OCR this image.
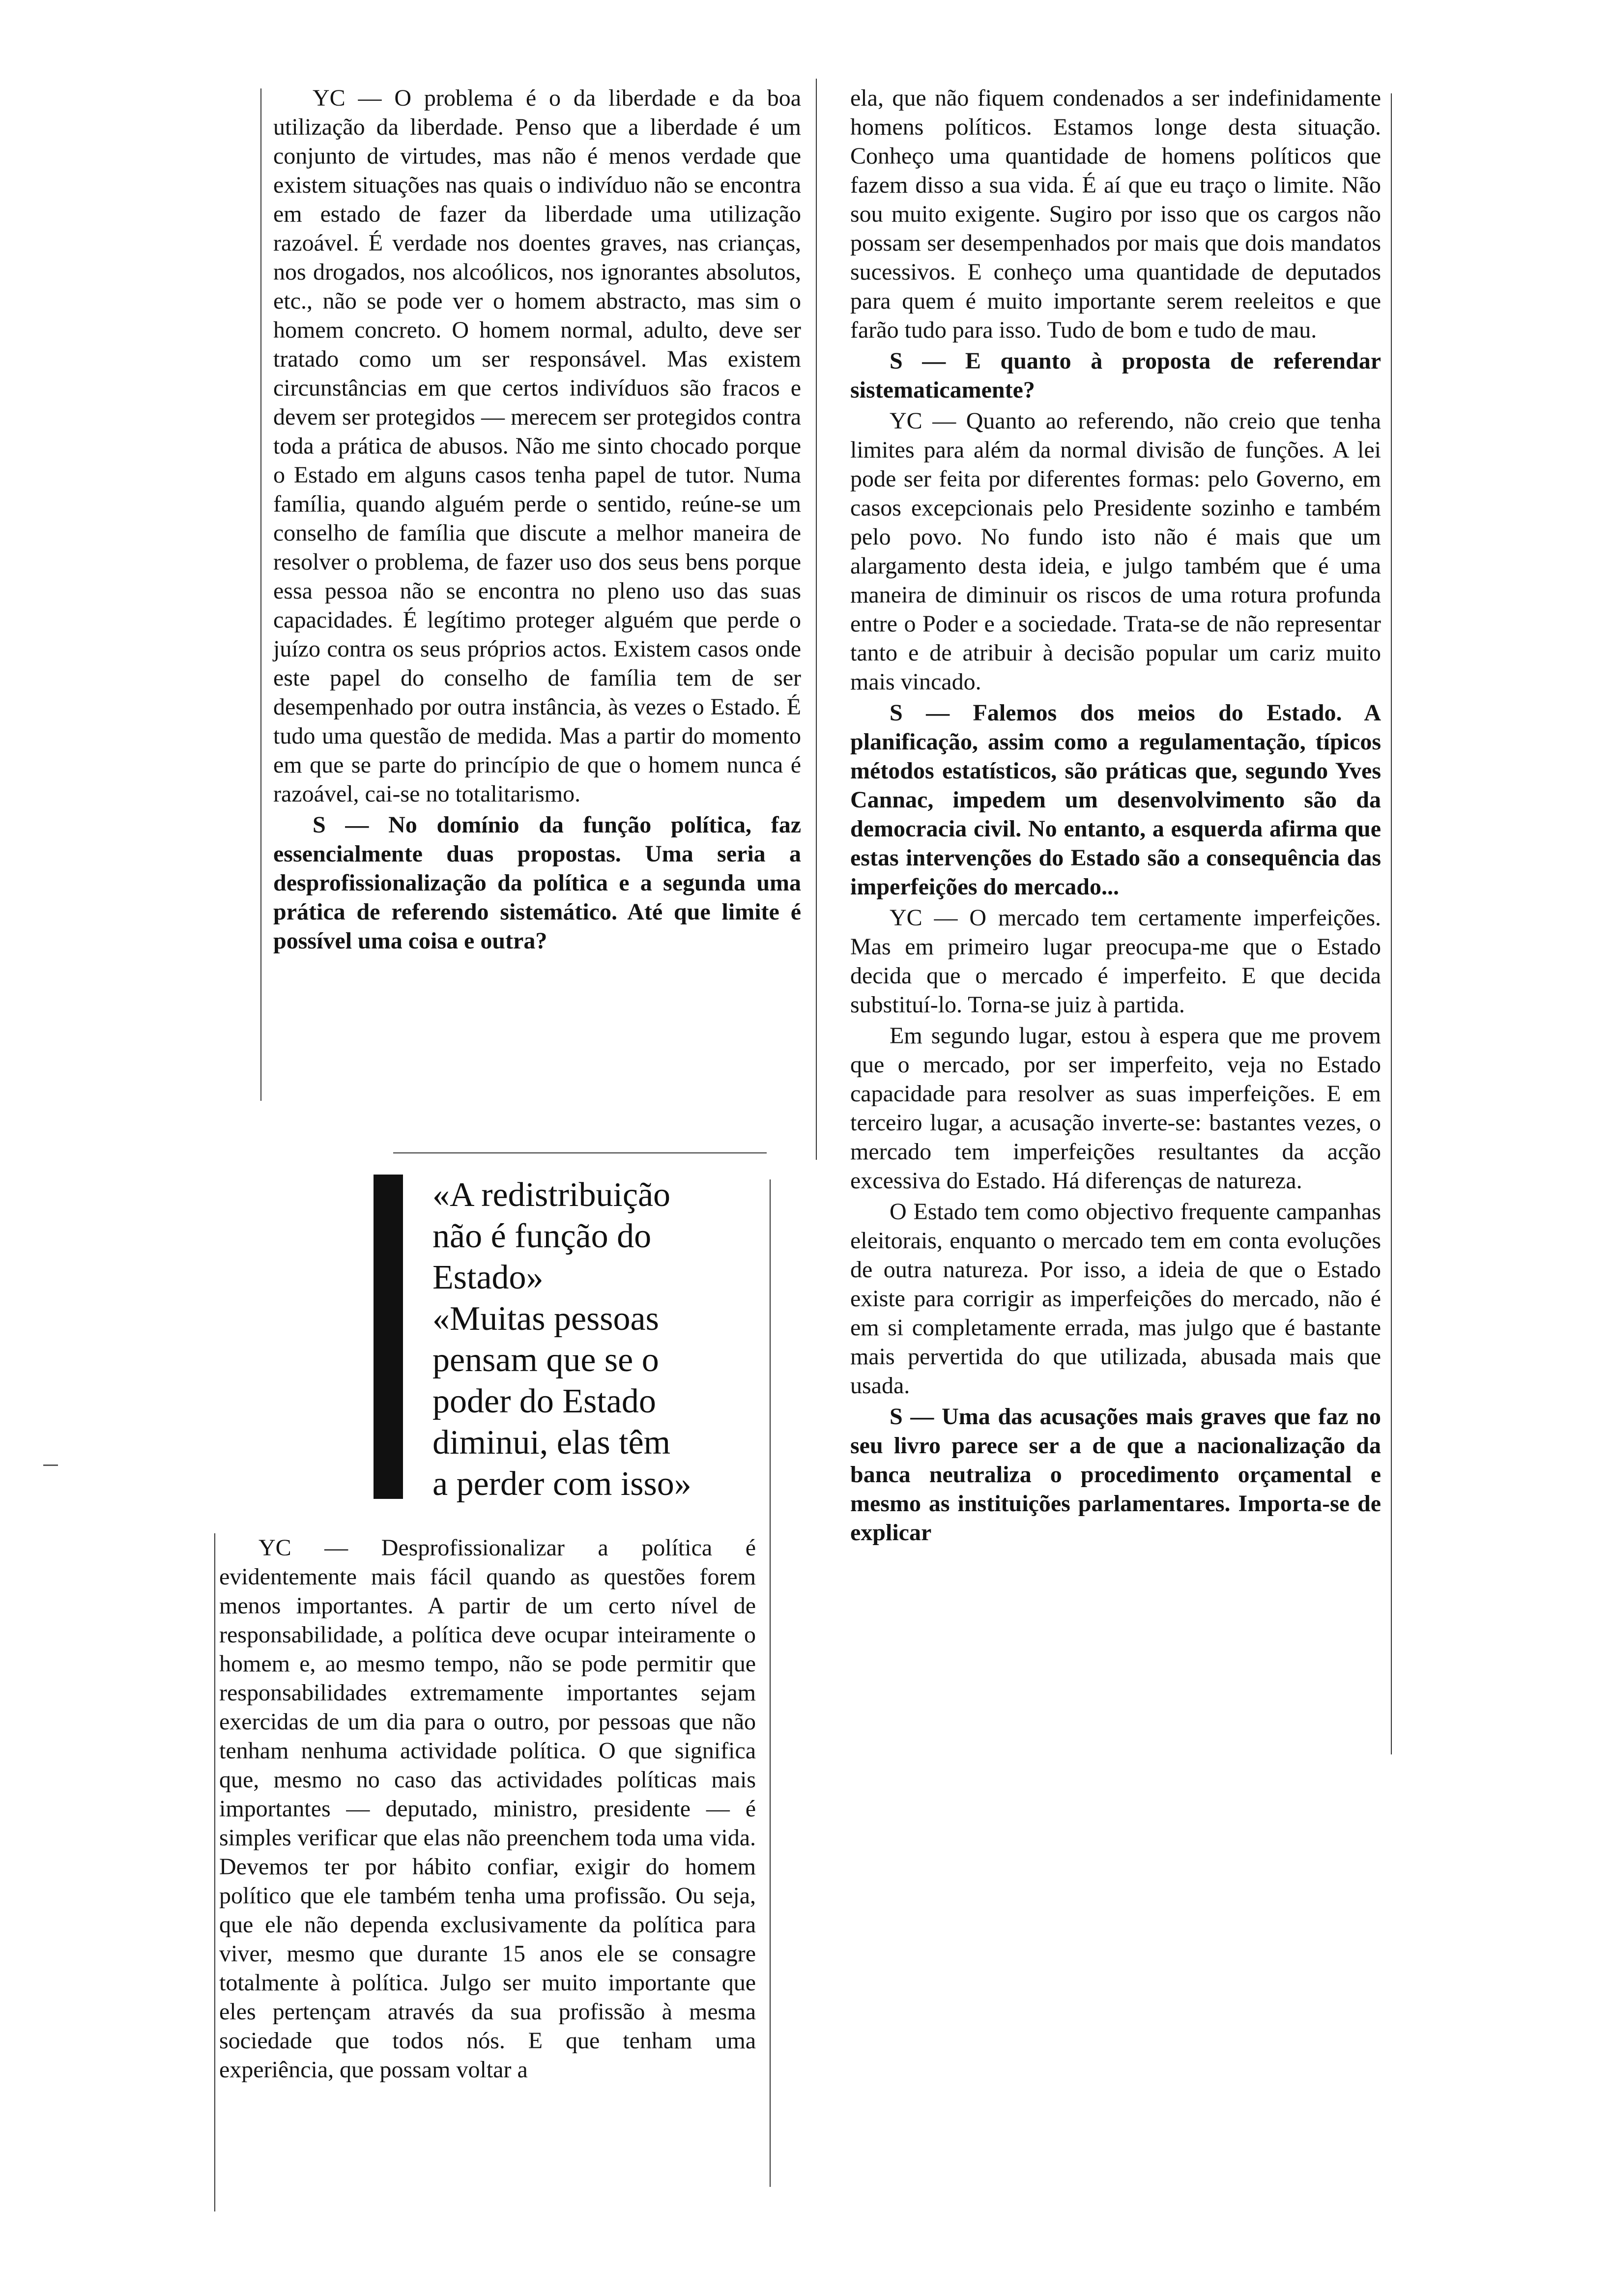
YC — O problema é o da liberdade e da boa utilização da liberdade. Penso que a liberdade é um conjunto de virtudes, mas não é menos verdade que existem situações nas quais o indivíduo não se encontra em estado de fazer da liberdade uma utilização razoável. É verdade nos doentes graves, nas crianças, nos drogados, nos alcoólicos, nos ignorantes absolutos, etc., não se pode ver o homem abstracto, mas sim o homem concreto. O homem normal, adulto, deve ser tratado como um ser responsável. Mas existem circunstâncias em que certos indivíduos são fracos e devem ser protegidos — merecem ser protegidos contra toda a prática de abusos. Não me sinto chocado porque o Estado em alguns casos tenha papel de tutor. Numa família, quando alguém perde o sentido, reúne-se um conselho de família que discute a melhor maneira de resolver o problema, de fazer uso dos seus bens porque essa pessoa não se encontra no pleno uso das suas capacidades. É legítimo proteger alguém que perde o juízo contra os seus próprios actos. Existem casos onde este papel do conselho de família tem de ser desempenhado por outra instância, às vezes o Estado. É tudo uma questão de medida. Mas a partir do momento em que se parte do princípio de que o homem nunca é razoável, cai-se no totalitarismo.

S — No domínio da função política, faz essencialmente duas propostas. Uma seria a desprofissionalização da política e a segunda uma prática de referendo sistemático. Até que limite é possível uma coisa e outra?

«A redistribuição
não é função do
Estado»
«Muitas pessoas
pensam que se o
poder do Estado
diminui, elas têm
a perder com isso»

YC — Desprofissionalizar a política é evidentemente mais fácil quando as questões forem menos importantes. A partir de um certo nível de responsabilidade, a política deve ocupar inteiramente o homem e, ao mesmo tempo, não se pode permitir que responsabilidades extremamente importantes sejam exercidas de um dia para o outro, por pessoas que não tenham nenhuma actividade política. O que significa que, mesmo no caso das actividades políticas mais importantes — deputado, ministro, presidente — é simples verificar que elas não preenchem toda uma vida. Devemos ter por hábito confiar, exigir do homem político que ele também tenha uma profissão. Ou seja, que ele não dependa exclusivamente da política para viver, mesmo que durante 15 anos ele se consagre totalmente à política. Julgo ser muito importante que eles pertençam através da sua profissão à mesma sociedade que todos nós. E que tenham uma experiência, que possam voltar a

ela, que não fiquem condenados a ser indefinidamente homens políticos. Estamos longe desta situação. Conheço uma quantidade de homens políticos que fazem disso a sua vida. É aí que eu traço o limite. Não sou muito exigente. Sugiro por isso que os cargos não possam ser desempenhados por mais que dois mandatos sucessivos. E conheço uma quantidade de deputados para quem é muito importante serem reeleitos e que farão tudo para isso. Tudo de bom e tudo de mau.

S — E quanto à proposta de referendar sistematicamente?

YC — Quanto ao referendo, não creio que tenha limites para além da normal divisão de funções. A lei pode ser feita por diferentes formas: pelo Governo, em casos excepcionais pelo Presidente sozinho e também pelo povo. No fundo isto não é mais que um alargamento desta ideia, e julgo também que é uma maneira de diminuir os riscos de uma rotura profunda entre o Poder e a sociedade. Trata-se de não representar tanto e de atribuir à decisão popular um cariz muito mais vincado.

S — Falemos dos meios do Estado. A planificação, assim como a regulamentação, típicos métodos estatísticos, são práticas que, segundo Yves Cannac, impedem um desenvolvimento são da democracia civil. No entanto, a esquerda afirma que estas intervenções do Estado são a consequência das imperfeições do mercado...

YC — O mercado tem certamente imperfeições. Mas em primeiro lugar preocupa-me que o Estado decida que o mercado é imperfeito. E que decida substituí-lo. Torna-se juiz à partida.

Em segundo lugar, estou à espera que me provem que o mercado, por ser imperfeito, veja no Estado capacidade para resolver as suas imperfeições. E em terceiro lugar, a acusação inverte-se: bastantes vezes, o mercado tem imperfeições resultantes da acção excessiva do Estado. Há diferenças de natureza.

O Estado tem como objectivo frequente campanhas eleitorais, enquanto o mercado tem em conta evoluções de outra natureza. Por isso, a ideia de que o Estado existe para corrigir as imperfeições do mercado, não é em si completamente errada, mas julgo que é bastante mais pervertida do que utilizada, abusada mais que usada.

S — Uma das acusações mais graves que faz no seu livro parece ser a de que a nacionalização da banca neutraliza o procedimento orçamental e mesmo as instituições parlamentares. Importa-se de explicar
